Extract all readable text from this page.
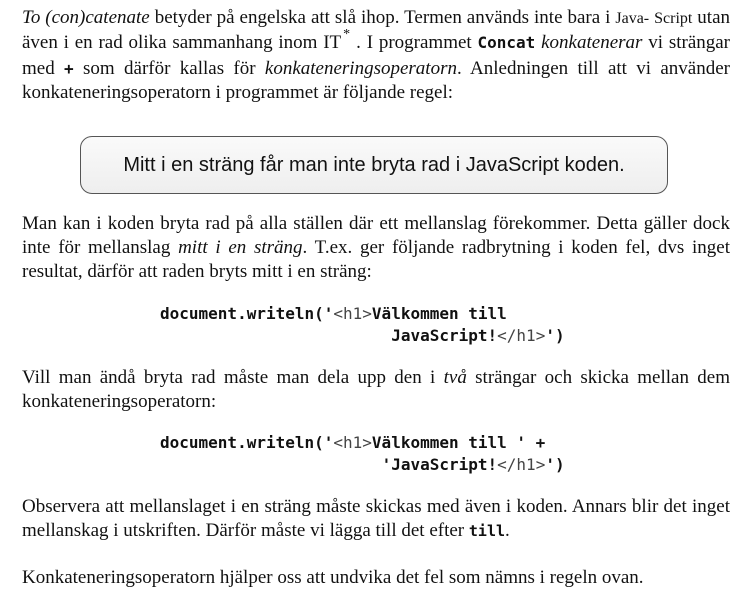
To (con)catenate betyder på engelska att slå ihop. Termen används inte bara i Java- Script utan även i en rad olika sammanhang inom IT * . I programmet Concat konkatenerar vi strängar med + som därför kallas för konkateneringsoperatorn. Anledningen till att vi använder konkateneringsoperatorn i programmet är följande regel:

Mitt i en sträng får man inte bryta rad i JavaScript koden.

Man kan i koden bryta rad på alla ställen där ett mellanslag förekommer. Detta gäller dock inte för mellanslag mitt i en sträng. T.ex. ger följande radbrytning i koden fel, dvs inget resultat, därför att raden bryts mitt i en sträng:

document.writeln('<h1>Välkommen till
JavaScript!</h1>')

Vill man ändå bryta rad måste man dela upp den i två strängar och skicka mellan dem konkateneringsoperatorn:

document.writeln('<h1>Välkommen till ' +
'JavaScript!</h1>')

Observera att mellanslaget i en sträng måste skickas med även i koden. Annars blir det inget mellanskag i utskriften. Därför måste vi lägga till det efter till.

Konkateneringsoperatorn hjälper oss att undvika det fel som nämns i regeln ovan.
